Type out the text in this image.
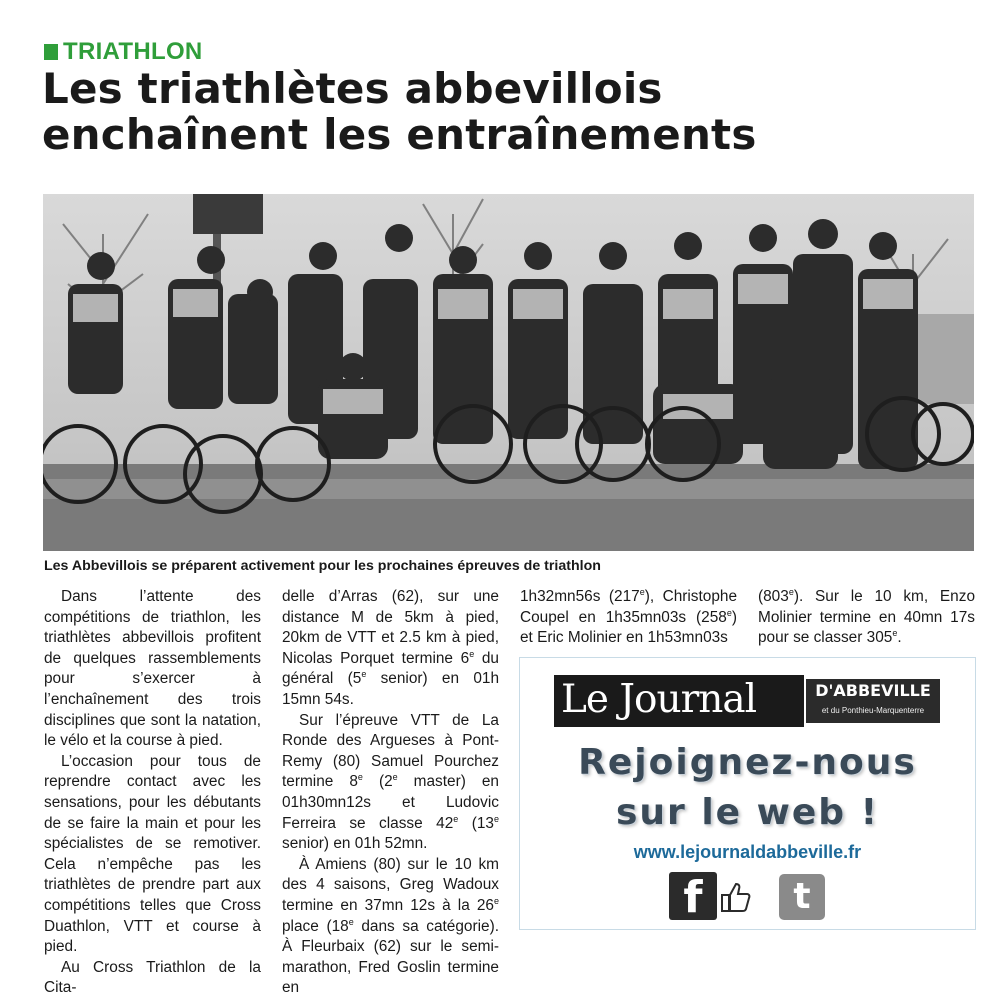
TRIATHLON
Les triathlètes abbevillois
enchaînent les entraînements
Les Abbevillois se préparent activement pour les prochaines épreuves de triathlon

Dans l’attente des compétitions de triathlon, les triathlètes abbevillois profitent de quelques rassemblements pour s’exercer à l’enchaînement des trois disciplines que sont la natation, le vélo et la course à pied.

L’occasion pour tous de reprendre contact avec les sensations, pour les débutants de se faire la main et pour les spécialistes de se remotiver. Cela n’empêche pas les triathlètes de prendre part aux compétitions telles que Cross Duathlon, VTT et course à pied.

Au Cross Triathlon de la Cita-

delle d’Arras (62), sur une distance M de 5km à pied, 20km de VTT et 2.5 km à pied, Nicolas Porquet termine 6e du général (5e senior) en 01h 15mn 54s.

Sur l’épreuve VTT de La Ronde des Argueses à Pont-Remy (80) Samuel Pourchez termine 8e (2e master) en 01h30mn12s et Ludovic Ferreira se classe 42e (13e senior) en 01h 52mn.

À Amiens (80) sur le 10 km des 4 saisons, Greg Wadoux termine en 37mn 12s à la 26e place (18e dans sa catégorie). À Fleurbaix (62) sur le semi-marathon, Fred Goslin termine en

1h32mn56s (217e), Christophe Coupel en 1h35mn03s (258e) et Eric Molinier en 1h53mn03s

(803e). Sur le 10 km, Enzo Molinier termine en 40mn 17s pour se classer 305e.

Le Journal	D'ABBEVILLE
et du Ponthieu-Marquenterre
Rejoignez-nous
sur le web !
www.lejournaldabbeville.fr
f	t
